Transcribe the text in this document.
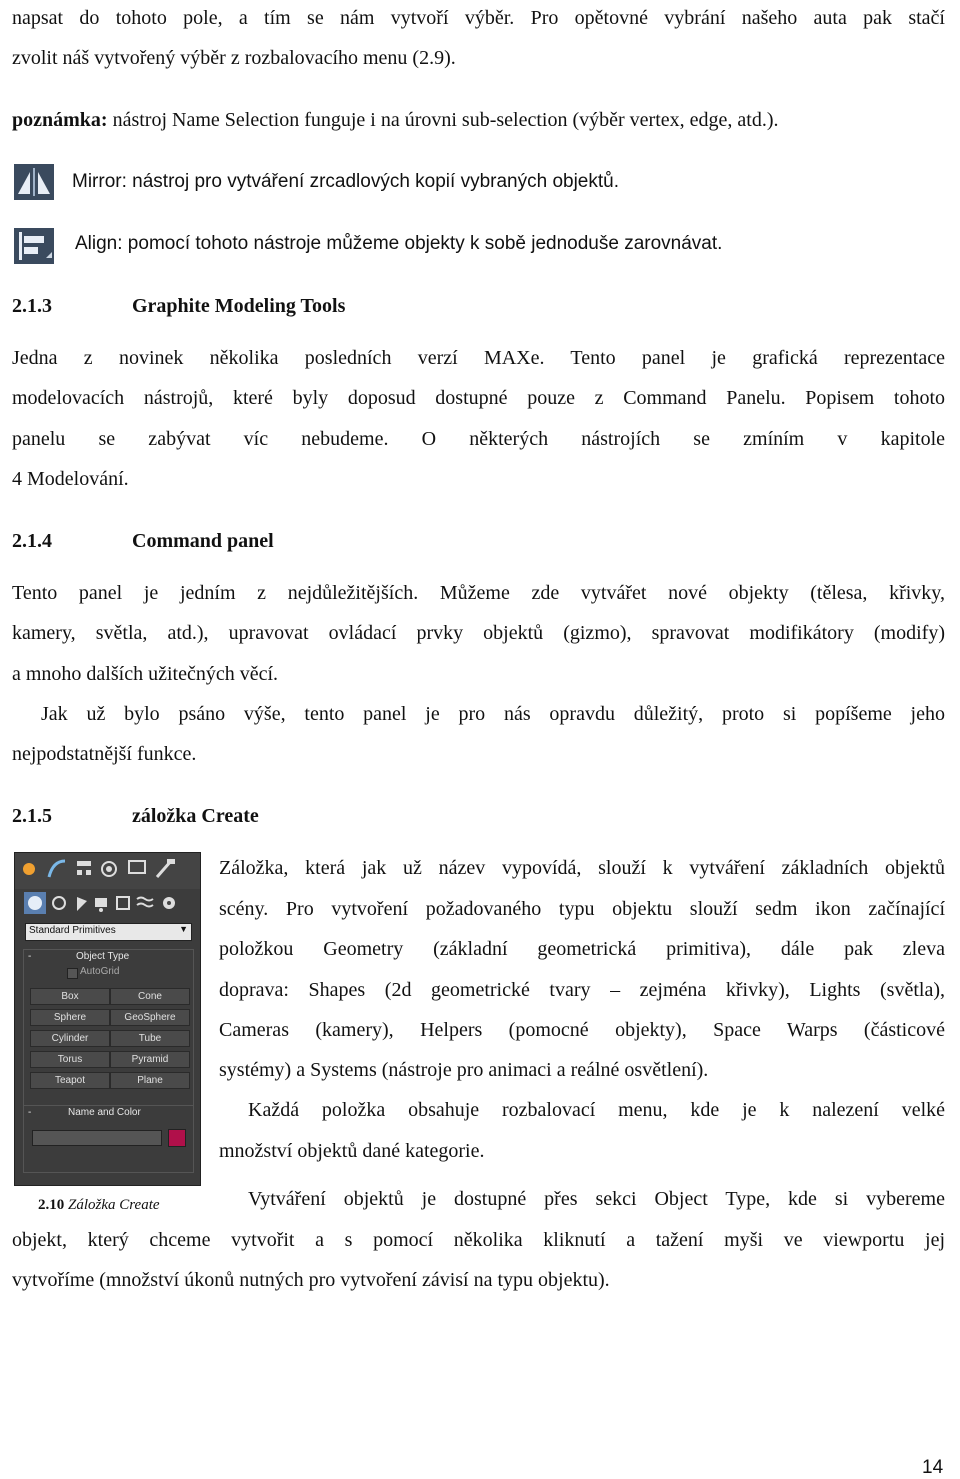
napsat do tohoto pole, a tím se nám vytvoří výběr. Pro opětovné vybrání našeho auta pak stačí
zvolit náš vytvořený výběr z rozbalovacího menu (2.9).
poznámka: nástroj Name Selection funguje i na úrovni sub-selection (výběr vertex, edge, atd.).
Mirror: nástroj pro vytváření zrcadlových kopií vybraných objektů.
Align: pomocí tohoto nástroje můžeme objekty k sobě jednoduše zarovnávat.
2.1.3	Graphite Modeling Tools
Jedna z novinek několika posledních verzí MAXe. Tento panel je grafická reprezentace
modelovacích nástrojů, které byly doposud dostupné pouze z Command Panelu. Popisem tohoto
panelu se zabývat víc nebudeme. O některých nástrojích se zmíním v kapitole
4 Modelování.
2.1.4	Command panel
Tento panel je jedním z nejdůležitějších. Můžeme zde vytvářet nové objekty (tělesa, křivky,
kamery, světla, atd.), upravovat ovládací prvky objektů (gizmo), spravovat modifikátory (modify)
a mnoho dalších užitečných věcí.
Jak už bylo psáno výše, tento panel je pro nás opravdu důležitý, proto si popíšeme jeho
nejpodstatnější funkce.
2.1.5	záložka Create
Standard Primitives	▼
-	Object Type
AutoGrid
Box	Cone
Sphere	GeoSphere
Cylinder	Tube
Torus	Pyramid
Teapot	Plane
-	Name and Color
2.10 Záložka Create
Záložka, která jak už název vypovídá, slouží k vytváření základních objektů
scény. Pro vytvoření požadovaného typu objektu slouží sedm ikon začínající
položkou Geometry (základní geometrická primitiva), dále pak zleva
doprava: Shapes (2d geometrické tvary – zejména křivky), Lights (světla),
Cameras (kamery), Helpers (pomocné objekty), Space Warps (částicové
systémy) a Systems (nástroje pro animaci a reálné osvětlení).
Každá položka obsahuje rozbalovací menu, kde je k nalezení velké
množství objektů dané kategorie.
Vytváření objektů je dostupné přes sekci Object Type, kde si vybereme
objekt, který chceme vytvořit a s pomocí několika kliknutí a tažení myši ve viewportu jej
vytvoříme (množství úkonů nutných pro vytvoření závisí na typu objektu).
14
